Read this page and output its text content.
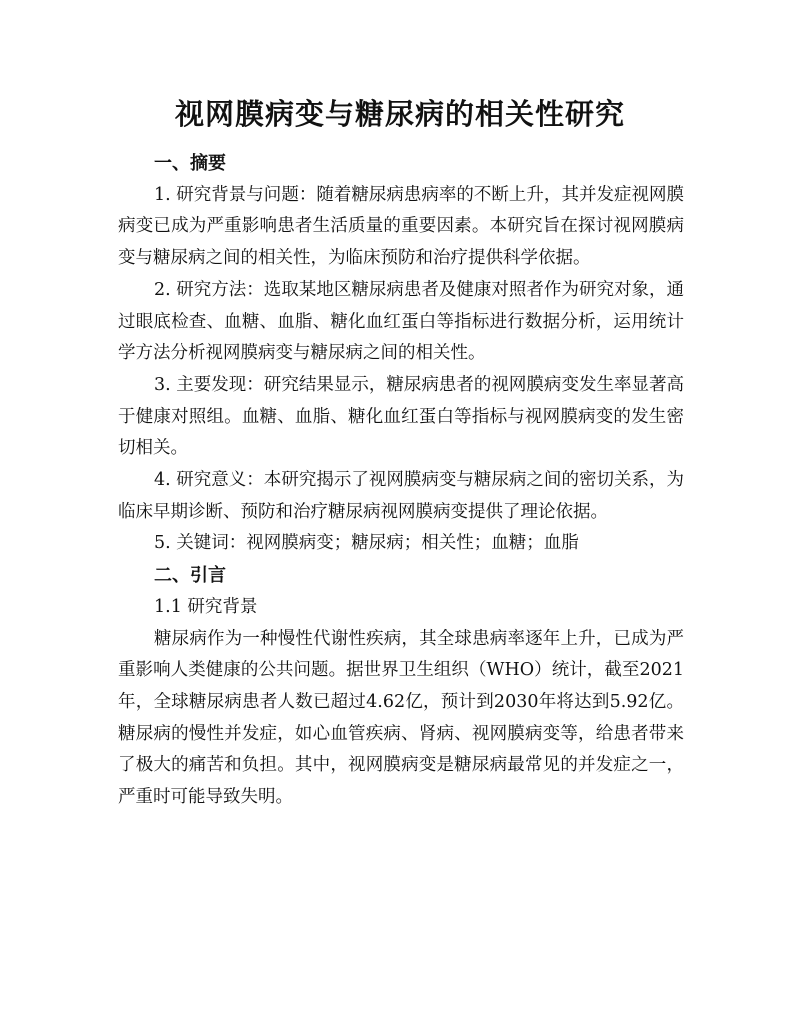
视网膜病变与糖尿病的相关性研究

一、摘要

1. 研究背景与问题：随着糖尿病患病率的不断上升，其并发症视网膜病变已成为严重影响患者生活质量的重要因素。本研究旨在探讨视网膜病变与糖尿病之间的相关性，为临床预防和治疗提供科学依据。

2. 研究方法：选取某地区糖尿病患者及健康对照者作为研究对象，通过眼底检查、血糖、血脂、糖化血红蛋白等指标进行数据分析，运用统计学方法分析视网膜病变与糖尿病之间的相关性。

3. 主要发现：研究结果显示，糖尿病患者的视网膜病变发生率显著高于健康对照组。血糖、血脂、糖化血红蛋白等指标与视网膜病变的发生密切相关。

4. 研究意义：本研究揭示了视网膜病变与糖尿病之间的密切关系，为临床早期诊断、预防和治疗糖尿病视网膜病变提供了理论依据。

5. 关键词：视网膜病变；糖尿病；相关性；血糖；血脂

二、引言

1.1 研究背景

糖尿病作为一种慢性代谢性疾病，其全球患病率逐年上升，已成为严重影响人类健康的公共问题。据世界卫生组织（WHO）统计，截至2021年，全球糖尿病患者人数已超过4.62亿，预计到2030年将达到5.92亿。糖尿病的慢性并发症，如心血管疾病、肾病、视网膜病变等，给患者带来了极大的痛苦和负担。其中，视网膜病变是糖尿病最常见的并发症之一，严重时可能导致失明。
